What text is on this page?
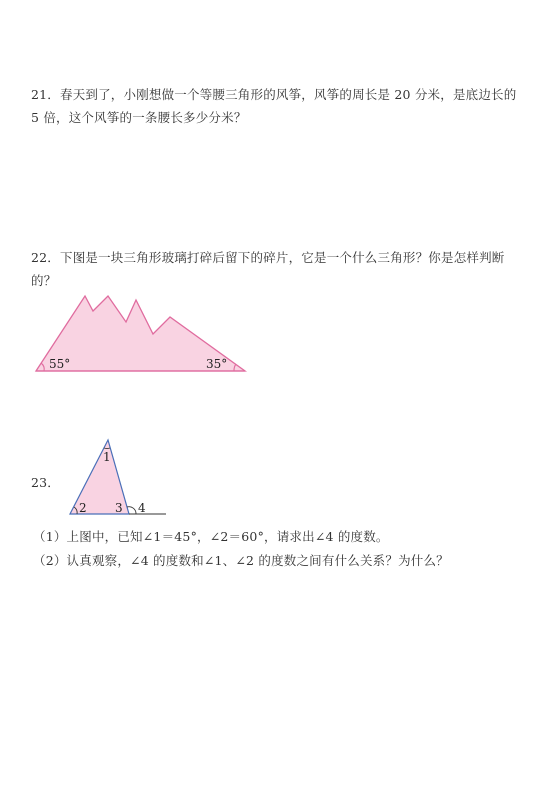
21．春天到了，小刚想做一个等腰三角形的风筝，风筝的周长是 20 分米，是底边长的
5 倍，这个风筝的一条腰长多少分米？
22．下图是一块三角形玻璃打碎后留下的碎片，它是一个什么三角形？你是怎样判断
的？
55°	35°
23．
1
2 3 4
（1）上图中，已知∠1＝45°，∠2＝60°，请求出∠4 的度数。
（2）认真观察，∠4 的度数和∠1、∠2 的度数之间有什么关系？为什么？
